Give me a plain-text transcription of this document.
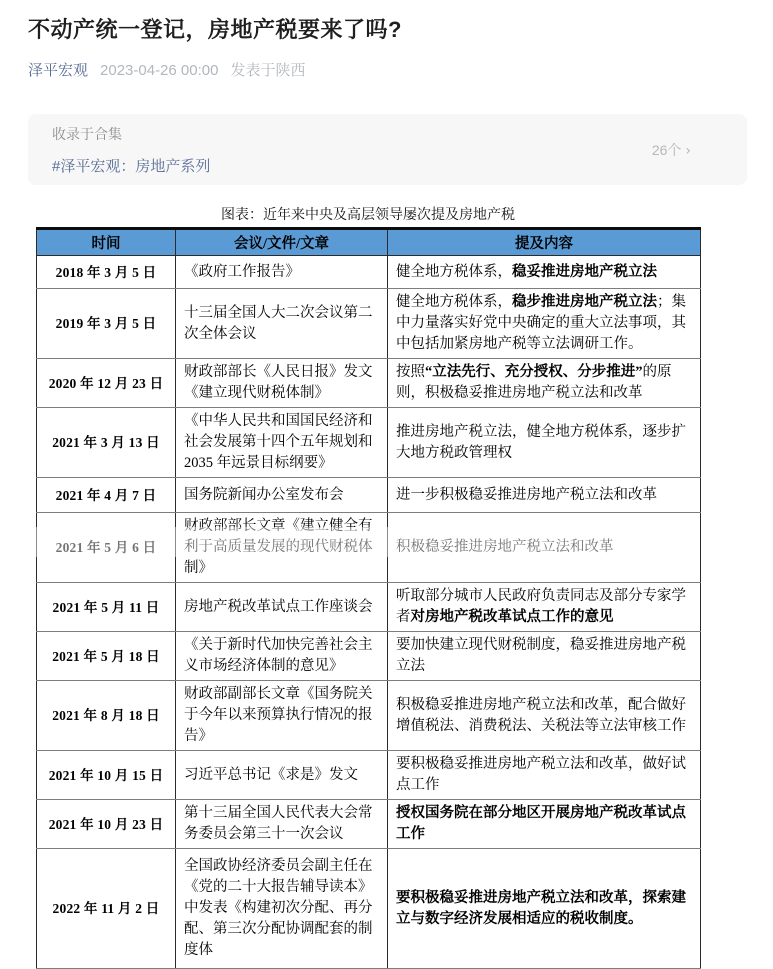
不动产统一登记，房地产税要来了吗?
泽平宏观 2023-04-26 00:00 发表于陕西
收录于合集
#泽平宏观：房地产系列
26个 ›
图表：近年来中央及高层领导屡次提及房地产税
时间	会议/文件/文章	提及内容
2018 年 3 月 5 日	《政府工作报告》	健全地方税体系，稳妥推进房地产税立法
2019 年 3 月 5 日	十三届全国人大二次会议第二次全体会议	健全地方税体系，稳步推进房地产税立法；集中力量落实好党中央确定的重大立法事项，其中包括加紧房地产税等立法调研工作。
2020 年 12 月 23 日	财政部部长《人民日报》发文《建立现代财税体制》	按照“立法先行、充分授权、分步推进”的原则，积极稳妥推进房地产税立法和改革
2021 年 3 月 13 日	《中华人民共和国国民经济和社会发展第十四个五年规划和 2035 年远景目标纲要》	推进房地产税立法，健全地方税体系，逐步扩大地方税政管理权
2021 年 4 月 7 日	国务院新闻办公室发布会	进一步积极稳妥推进房地产税立法和改革
2021 年 5 月 6 日	财政部部长文章《建立健全有利于高质量发展的现代财税体制》	积极稳妥推进房地产税立法和改革
2021 年 5 月 11 日	房地产税改革试点工作座谈会	听取部分城市人民政府负责同志及部分专家学者对房地产税改革试点工作的意见
2021 年 5 月 18 日	《关于新时代加快完善社会主义市场经济体制的意见》	要加快建立现代财税制度，稳妥推进房地产税立法
2021 年 8 月 18 日	财政部副部长文章《国务院关于今年以来预算执行情况的报告》	积极稳妥推进房地产税立法和改革，配合做好增值税法、消费税法、关税法等立法审核工作
2021 年 10 月 15 日	习近平总书记《求是》发文	要积极稳妥推进房地产税立法和改革，做好试点工作
2021 年 10 月 23 日	第十三届全国人民代表大会常务委员会第三十一次会议	授权国务院在部分地区开展房地产税改革试点工作
2022 年 11 月 2 日	全国政协经济委员会副主任在《党的二十大报告辅导读本》中发表《构建初次分配、再分配、第三次分配协调配套的制度体	要积极稳妥推进房地产税立法和改革，探索建立与数字经济发展相适应的税收制度。
